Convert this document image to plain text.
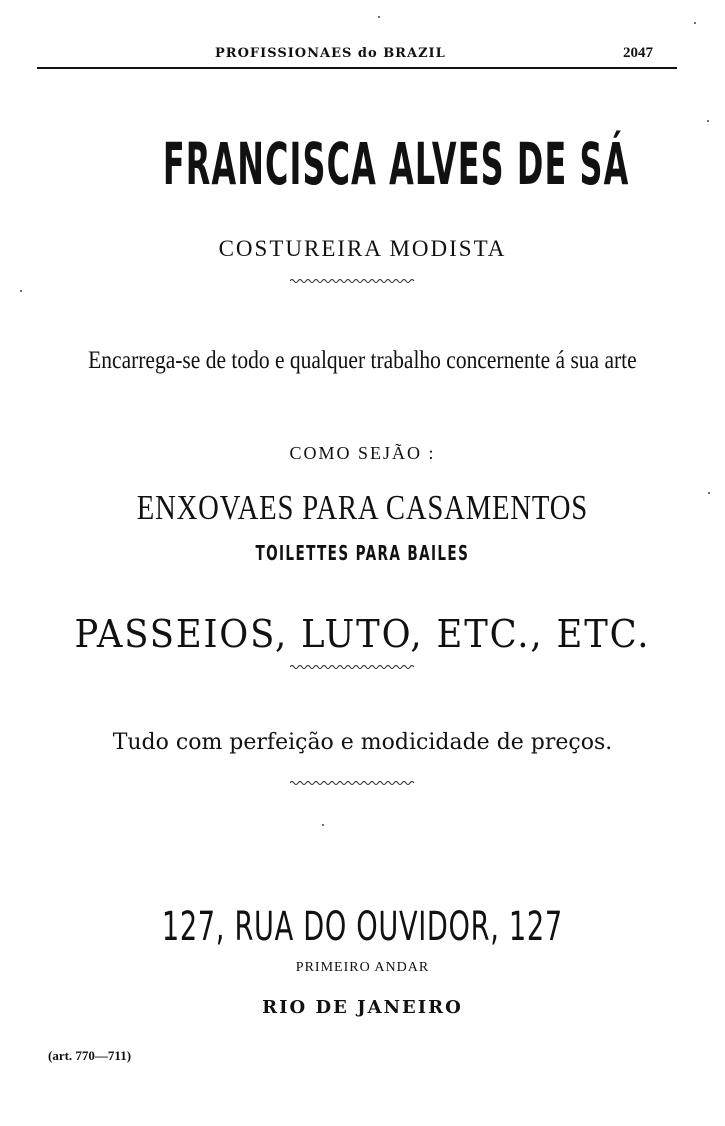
PROFISSIONAES do BRAZIL	2047
FRANCISCA ALVES DE SÁ
COSTUREIRA MODISTA
Encarrega-se de todo e qualquer trabalho concernente á sua arte
COMO SEJÃO :
ENXOVAES PARA CASAMENTOS
TOILETTES PARA BAILES
PASSEIOS, LUTO, ETC., ETC.
Tudo com perfeição e modicidade de preços.
127, RUA DO OUVIDOR, 127
PRIMEIRO ANDAR
RIO DE JANEIRO
(art. 770—711)
